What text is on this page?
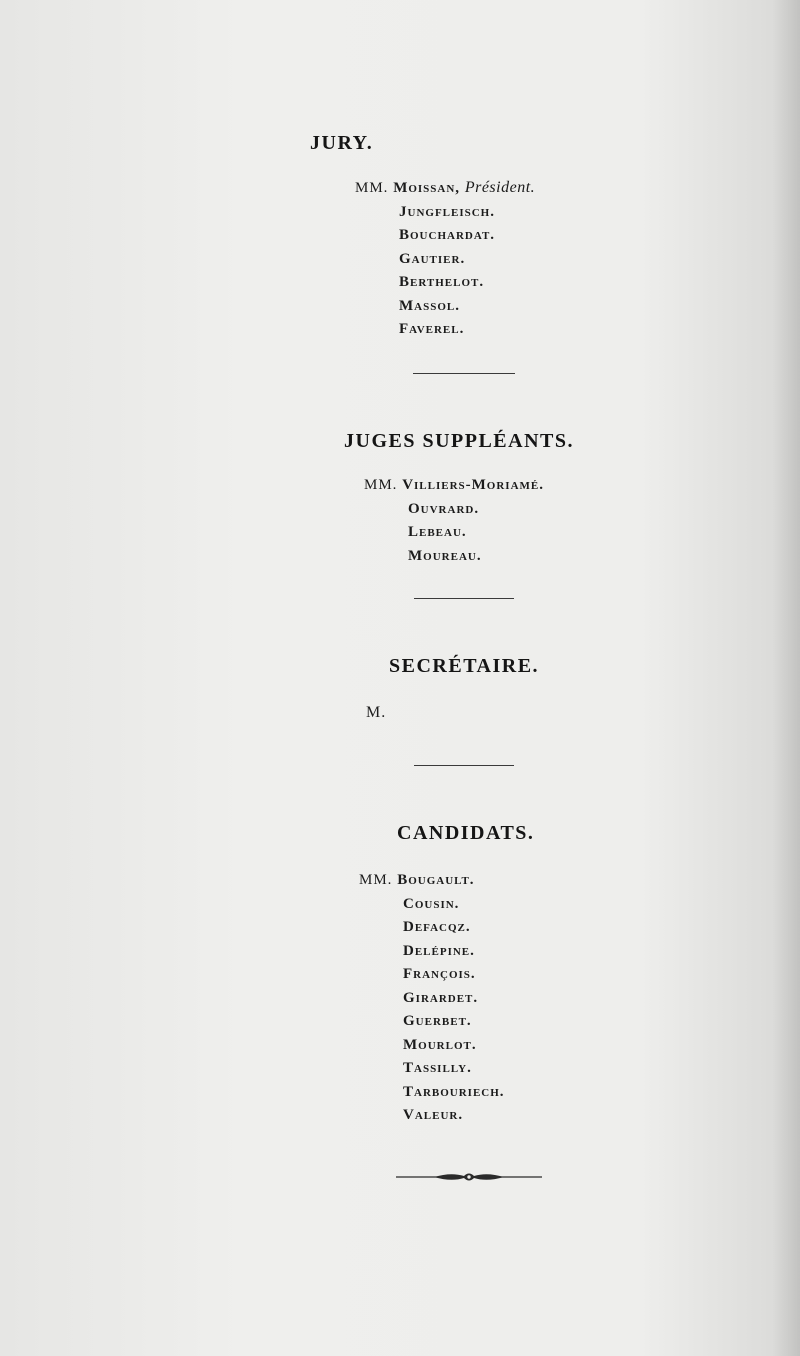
JURY.
MM. Moissan, Président.
Jungfleisch.
Bouchardat.
Gautier.
Berthelot.
Massol.
Faverel.
JUGES SUPPLÉANTS.
MM. Villiers-Moriamé.
Ouvrard.
Lebeau.
Moureau.
SECRÉTAIRE.
M.
CANDIDATS.
MM. Bougault.
Cousin.
Defacqz.
Delépine.
François.
Girardet.
Guerbet.
Mourlot.
Tassilly.
Tarbouriech.
Valeur.
